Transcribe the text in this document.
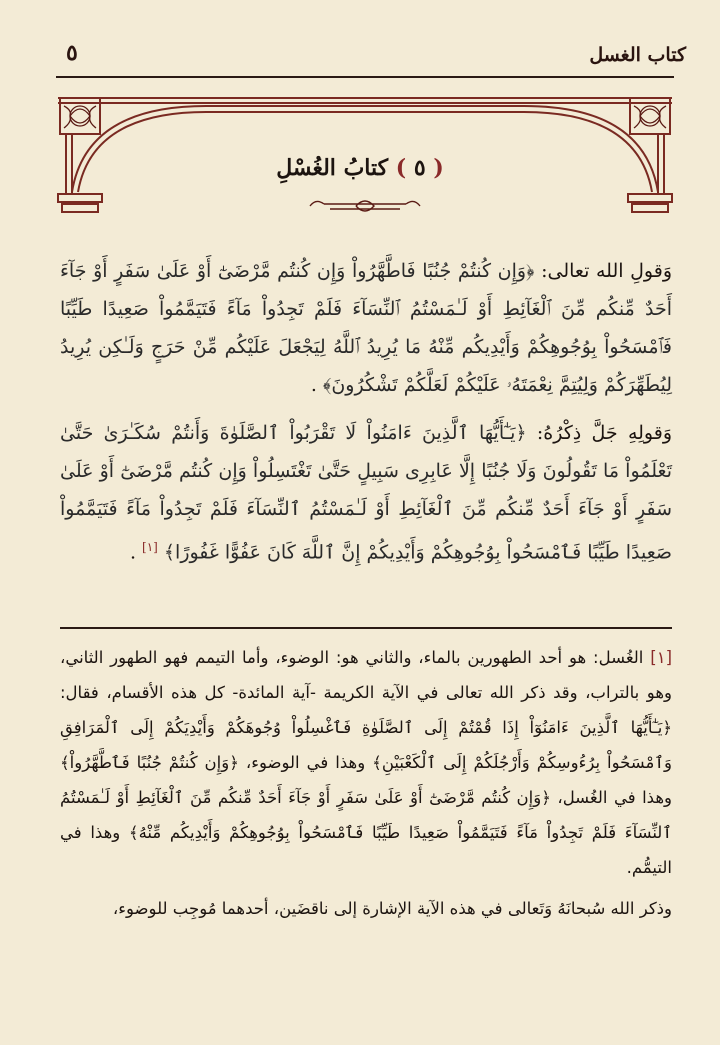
كتاب الغسل
٥
( ٥ ) كتابُ الغُسْلِ

وَقولِ الله تعالى: ﴿وَإِن كُنتُمْ جُنُبًا فَاطَّهَّرُواْ وَإِن كُنتُم مَّرْضَىٰٓ أَوْ عَلَىٰ سَفَرٍ أَوْ جَآءَ أَحَدٌ مِّنكُم مِّنَ ٱلْغَآئِطِ أَوْ لَـٰمَسْتُمُ ٱلنِّسَآءَ فَلَمْ تَجِدُواْ مَآءً فَتَيَمَّمُواْ صَعِيدًا طَيِّبًا فَٱمْسَحُواْ بِوُجُوهِكُمْ وَأَيْدِيكُم مِّنْهُ مَا يُرِيدُ ٱللَّهُ لِيَجْعَلَ عَلَيْكُم مِّنْ حَرَجٍ وَلَـٰكِن يُرِيدُ لِيُطَهِّرَكُمْ وَلِيُتِمَّ نِعْمَتَهُۥ عَلَيْكُمْ لَعَلَّكُمْ تَشْكُرُونَ﴾ .

وَقولِهِ جَلَّ ذِكْرُهُ: ﴿يَـٰٓأَيُّهَا ٱلَّذِينَ ءَامَنُواْ لَا تَقْرَبُواْ ٱلصَّلَوٰةَ وَأَنتُمْ سُكَـٰرَىٰ حَتَّىٰ تَعْلَمُواْ مَا تَقُولُونَ وَلَا جُنُبًا إِلَّا عَابِرِى سَبِيلٍ حَتَّىٰ تَغْتَسِلُواْ وَإِن كُنتُم مَّرْضَىٰٓ أَوْ عَلَىٰ سَفَرٍ أَوْ جَآءَ أَحَدٌ مِّنكُم مِّنَ ٱلْغَآئِطِ أَوْ لَـٰمَسْتُمُ ٱلنِّسَآءَ فَلَمْ تَجِدُواْ مَآءً فَتَيَمَّمُواْ صَعِيدًا طَيِّبًا فَٱمْسَحُواْ بِوُجُوهِكُمْ وَأَيْدِيكُمْ إِنَّ ٱللَّهَ كَانَ عَفُوًّا غَفُورًا﴾ [١] .

[١] الغُسل: هو أحد الطهورين بالماء، والثاني هو: الوضوء، وأما التيمم فهو الطهور الثاني، وهو بالتراب، وقد ذكر الله تعالى في الآية الكريمة -آية المائدة- كل هذه الأقسام، فقال: ﴿يَـٰٓأَيُّهَا ٱلَّذِينَ ءَامَنُوٓاْ إِذَا قُمْتُمْ إِلَى ٱلصَّلَوٰةِ فَٱغْسِلُواْ وُجُوهَكُمْ وَأَيْدِيَكُمْ إِلَى ٱلْمَرَافِقِ وَٱمْسَحُواْ بِرُءُوسِكُمْ وَأَرْجُلَكُمْ إِلَى ٱلْكَعْبَيْنِ﴾ وهذا في الوضوء، ﴿وَإِن كُنتُمْ جُنُبًا فَٱطَّهَّرُواْ﴾ وهذا في الغُسل، ﴿وَإِن كُنتُم مَّرْضَىٰٓ أَوْ عَلَىٰ سَفَرٍ أَوْ جَآءَ أَحَدٌ مِّنكُم مِّنَ ٱلْغَآئِطِ أَوْ لَـٰمَسْتُمُ ٱلنِّسَآءَ فَلَمْ تَجِدُواْ مَآءً فَتَيَمَّمُواْ صَعِيدًا طَيِّبًا فَٱمْسَحُواْ بِوُجُوهِكُمْ وَأَيْدِيكُم مِّنْهُ﴾ وهذا في التيمُّم.

وذكر الله سُبحانَهُ وَتَعالى في هذه الآية الإشارة إلى ناقضَين، أحدهما مُوجِب للوضوء،
